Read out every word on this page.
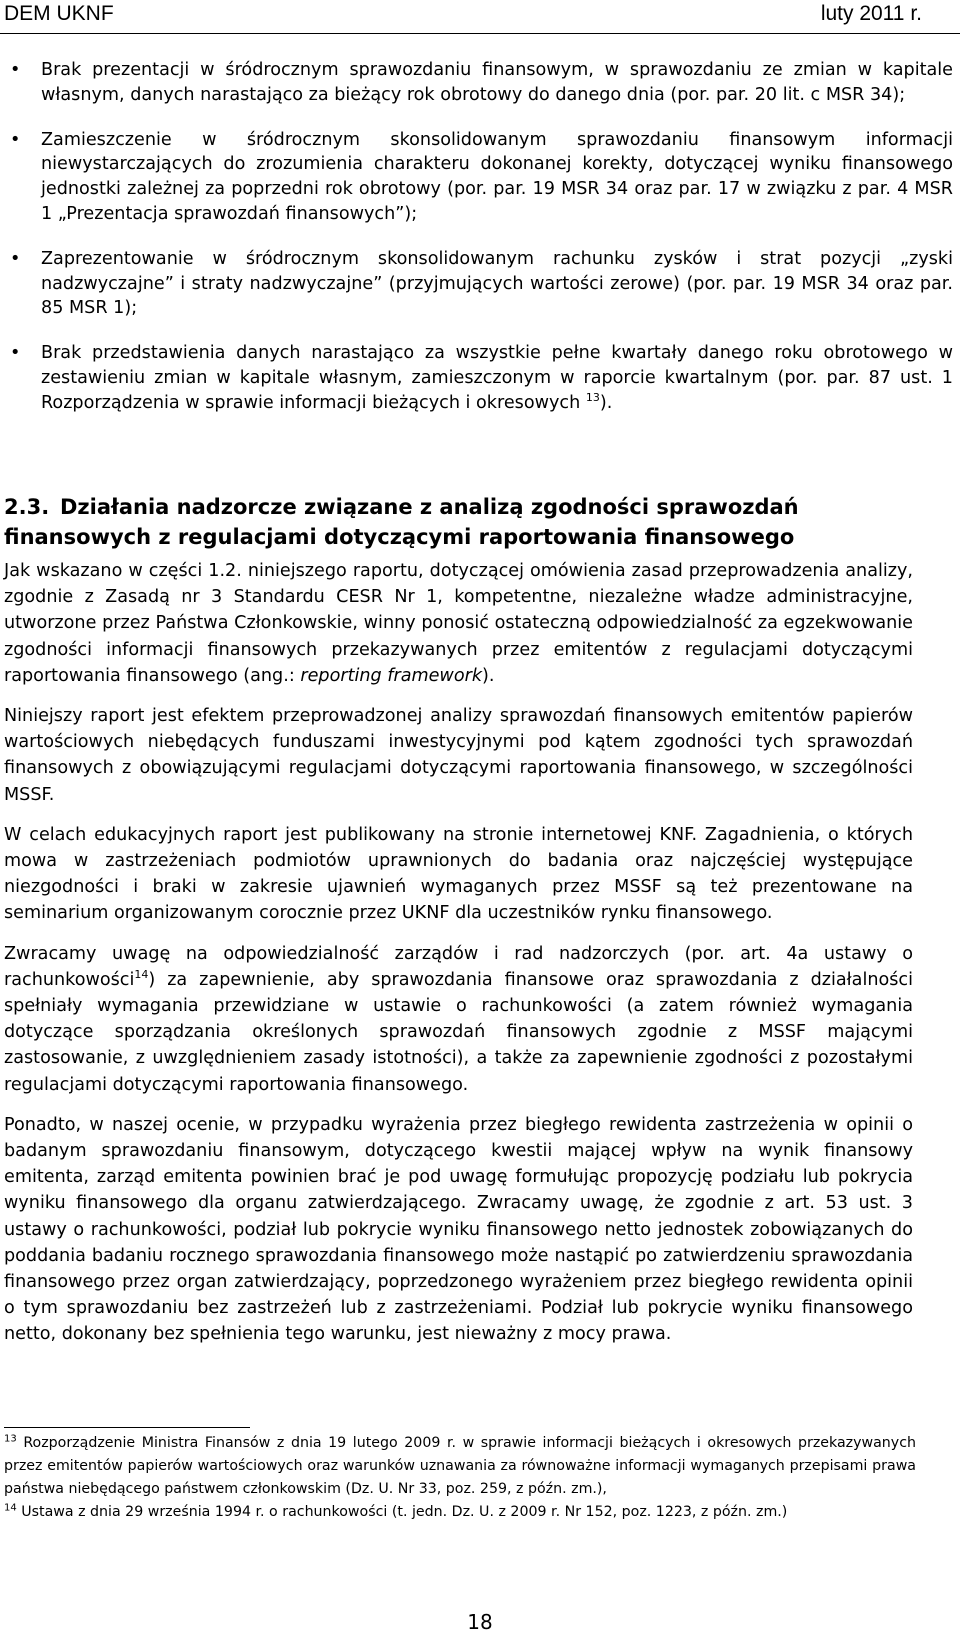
DEM UKNF	luty 2011 r.
• Brak prezentacji w śródrocznym sprawozdaniu finansowym, w sprawozdaniu ze zmian w kapitale własnym, danych narastająco za bieżący rok obrotowy do danego dnia (por. par. 20 lit. c MSR 34);
• Zamieszczenie w śródrocznym skonsolidowanym sprawozdaniu finansowym informacji niewystarczających do zrozumienia charakteru dokonanej korekty, dotyczącej wyniku finansowego jednostki zależnej za poprzedni rok obrotowy (por. par. 19 MSR 34 oraz par. 17 w związku z par. 4 MSR 1 „Prezentacja sprawozdań finansowych”);
• Zaprezentowanie w śródrocznym skonsolidowanym rachunku zysków i strat pozycji „zyski nadzwyczajne” i straty nadzwyczajne” (przyjmujących wartości zerowe) (por. par. 19 MSR 34 oraz par. 85 MSR 1);
• Brak przedstawienia danych narastająco za wszystkie pełne kwartały danego roku obrotowego w zestawieniu zmian w kapitale własnym, zamieszczonym w raporcie kwartalnym (por. par. 87 ust. 1 Rozporządzenia w sprawie informacji bieżących i okresowych $^{13}$).
2.3. Działania nadzorcze związane z analizą zgodności sprawozdań finansowych z regulacjami dotyczącymi raportowania finansowego

Jak wskazano w części 1.2. niniejszego raportu, dotyczącej omówienia zasad przeprowadzenia analizy, zgodnie z Zasadą nr 3 Standardu CESR Nr 1, kompetentne, niezależne władze administracyjne, utworzone przez Państwa Członkowskie, winny ponosić ostateczną odpowiedzialność za egzekwowanie zgodności informacji finansowych przekazywanych przez emitentów z regulacjami dotyczącymi raportowania finansowego (ang.: reporting framework).

Niniejszy raport jest efektem przeprowadzonej analizy sprawozdań finansowych emitentów papierów wartościowych niebędących funduszami inwestycyjnymi pod kątem zgodności tych sprawozdań finansowych z obowiązującymi regulacjami dotyczącymi raportowania finansowego, w szczególności MSSF.

W celach edukacyjnych raport jest publikowany na stronie internetowej KNF. Zagadnienia, o których mowa w zastrzeżeniach podmiotów uprawnionych do badania oraz najczęściej występujące niezgodności i braki w zakresie ujawnień wymaganych przez MSSF są też prezentowane na seminarium organizowanym corocznie przez UKNF dla uczestników rynku finansowego.

Zwracamy uwagę na odpowiedzialność zarządów i rad nadzorczych (por. art. 4a ustawy o rachunkowości$^{14}$) za zapewnienie, aby sprawozdania finansowe oraz sprawozdania z działalności spełniały wymagania przewidziane w ustawie o rachunkowości (a zatem również wymagania dotyczące sporządzania określonych sprawozdań finansowych zgodnie z MSSF mającymi zastosowanie, z uwzględnieniem zasady istotności), a także za zapewnienie zgodności z pozostałymi regulacjami dotyczącymi raportowania finansowego.

Ponadto, w naszej ocenie, w przypadku wyrażenia przez biegłego rewidenta zastrzeżenia w opinii o badanym sprawozdaniu finansowym, dotyczącego kwestii mającej wpływ na wynik finansowy emitenta, zarząd emitenta powinien brać je pod uwagę formułując propozycję podziału lub pokrycia wyniku finansowego dla organu zatwierdzającego. Zwracamy uwagę, że zgodnie z art. 53 ust. 3 ustawy o rachunkowości, podział lub pokrycie wyniku finansowego netto jednostek zobowiązanych do poddania badaniu rocznego sprawozdania finansowego może nastąpić po zatwierdzeniu sprawozdania finansowego przez organ zatwierdzający, poprzedzonego wyrażeniem przez biegłego rewidenta opinii o tym sprawozdaniu bez zastrzeżeń lub z zastrzeżeniami. Podział lub pokrycie wyniku finansowego netto, dokonany bez spełnienia tego warunku, jest nieważny z mocy prawa.

$^{13}$ Rozporządzenie Ministra Finansów z dnia 19 lutego 2009 r. w sprawie informacji bieżących i okresowych przekazywanych przez emitentów papierów wartościowych oraz warunków uznawania za równoważne informacji wymaganych przepisami prawa państwa niebędącego państwem członkowskim (Dz. U. Nr 33, poz. 259, z późn. zm.),

$^{14}$ Ustawa z dnia 29 września 1994 r. o rachunkowości (t. jedn. Dz. U. z 2009 r. Nr 152, poz. 1223, z późn. zm.)

18
